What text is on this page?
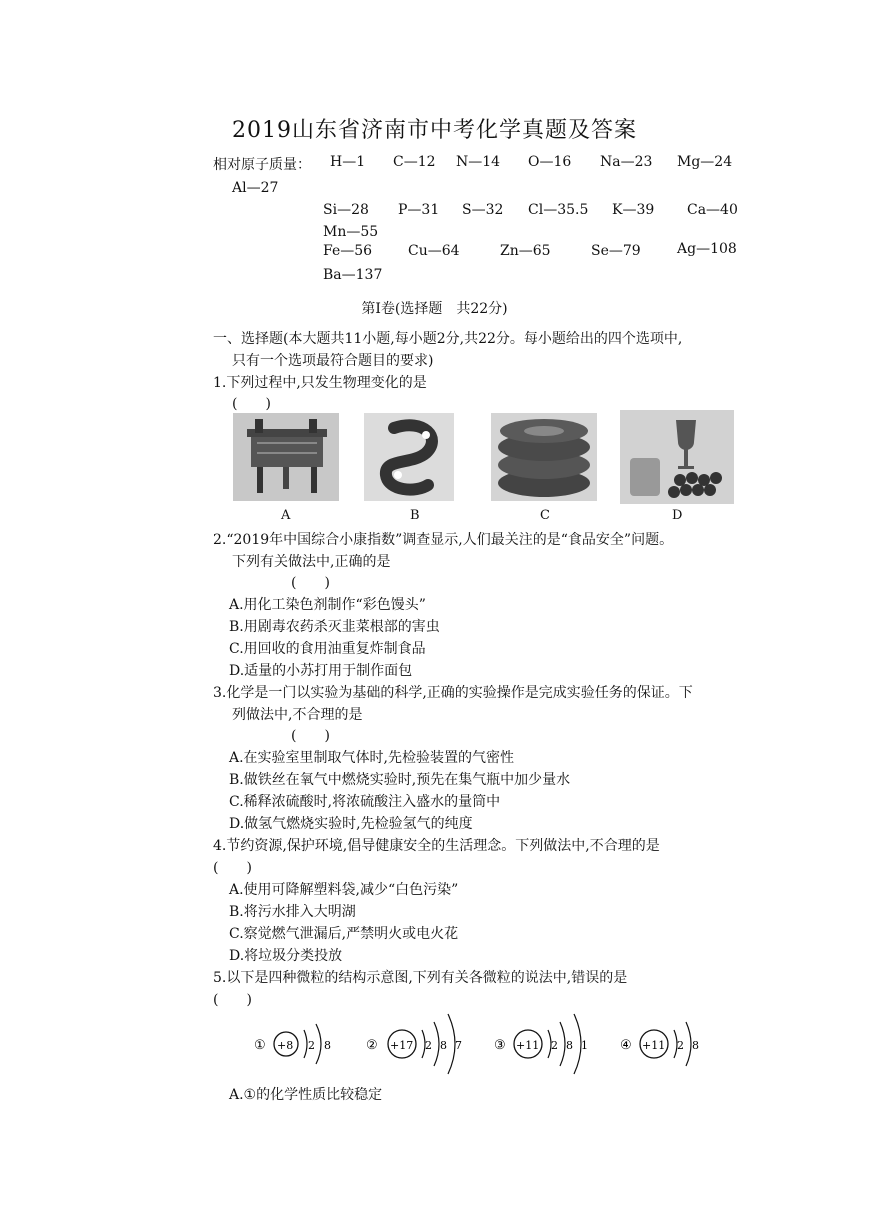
2019山东省济南市中考化学真题及答案
相对原子质量： H—1 C—12 N—14 O—16 Na—23 Mg—24
Al—27
Si—28 P—31 S—32 Cl—35.5 K—39 Ca—40
Mn—55
Fe—56	Cu—64	Zn—65	Se—79	Ag—108
Ba—137
第Ⅰ卷(选择题　共22分)
一、选择题(本大题共11小题,每小题2分,共22分。每小题给出的四个选项中,
只有一个选项最符合题目的要求)
1.下列过程中,只发生物理变化的是
(　　)
A	B	C	D
2.“2019年中国综合小康指数”调查显示,人们最关注的是“食品安全”问题。
下列有关做法中,正确的是
(　　)
A.用化工染色剂制作“彩色馒头”
B.用剧毒农药杀灭韭菜根部的害虫
C.用回收的食用油重复炸制食品
D.适量的小苏打用于制作面包
3.化学是一门以实验为基础的科学,正确的实验操作是完成实验任务的保证。下
列做法中,不合理的是
(　　)
A.在实验室里制取气体时,先检验装置的气密性
B.做铁丝在氧气中燃烧实验时,预先在集气瓶中加少量水
C.稀释浓硫酸时,将浓硫酸注入盛水的量筒中
D.做氢气燃烧实验时,先检验氢气的纯度
4.节约资源,保护环境,倡导健康安全的生活理念。下列做法中,不合理的是
(　　)
A.使用可降解塑料袋,减少“白色污染”
B.将污水排入大明湖
C.察觉燃气泄漏后,严禁明火或电火花
D.将垃圾分类投放
5.以下是四种微粒的结构示意图,下列有关各微粒的说法中,错误的是
(　　)
① +8 2 8	② +17 2 8 7 ③ +11 2 8 1 ④ +11 2 8
A.①的化学性质比较稳定
